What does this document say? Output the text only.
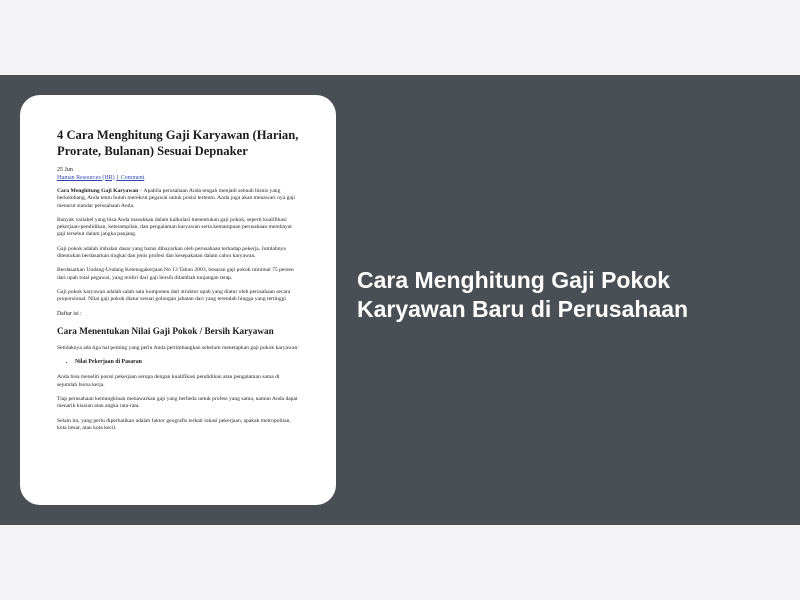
4 Cara Menghitung Gaji Karyawan (Harian, Prorate, Bulanan) Sesuai Depnaker
25 Jun
Human Resources (HR) 1 Comment

Cara Menghitung Gaji Karyawan – Apabila perusahaan Anda tengah menjadi sebuah bisnis yang berkembang, Anda tentu butuh merekrut pegawai untuk posisi tertentu. Anda juga akan menawari nya gaji menurut standar perusahaan Anda.

Banyak variabel yang bisa Anda masukkan dalam kalkulasi menentukan gaji pokok, seperti kualifikasi pekerjaan-pendidikan, keterampilan, dan pengalaman karyawan serta kemampuan perusahaan membayar gaji tersebut dalam jangka panjang.

Gaji pokok adalah imbalan dasar yang harus dibayarkan oleh perusahaan terhadap pekerja. Jumlahnya ditentukan berdasarkan tingkat dan jenis profesi dan kesepakatan dalam calon karyawan.

Berdasarkan Undang-Undang Ketenagakerjaan No 13 Tahun 2003, besaran gaji pokok minimal 75 persen dari upah total pegawai, yang terdiri dari gaji bersih ditambah tunjangan tetap.

Gaji pokok karyawan adalah salah satu komponen dari struktur upah yang diatur oleh perusahaan secara proporsional. Nilai gaji pokok diatur sesuai golongan jabatan dari yang terendah hingga yang tertinggi

Daftar isi :
Cara Menentukan Nilai Gaji Pokok / Bersih Karyawan

Setidaknya ada tiga hal penting yang perlu Anda pertimbangkan sebelum menetapkan gaji pokok karyawan:

• Nilai Pekerjaan di Pasaran

Anda bisa meneliti posisi pekerjaan serupa dengan kualifikasi pendidikan atau pengalaman sama di sejumlah bursa kerja.

Tiap perusahaan kemungkinan menawarkan gaji yang berbeda untuk profesi yang sama, namun Anda dapat menarik kisaran atau angka rata-rata.

Selain itu, yang perlu diperhatikan adalah faktor geografis terkait lokasi pekerjaan, apakah metropolitan, kota besar, atau kota kecil.

Cara Menghitung Gaji Pokok Karyawan Baru di Perusahaan
